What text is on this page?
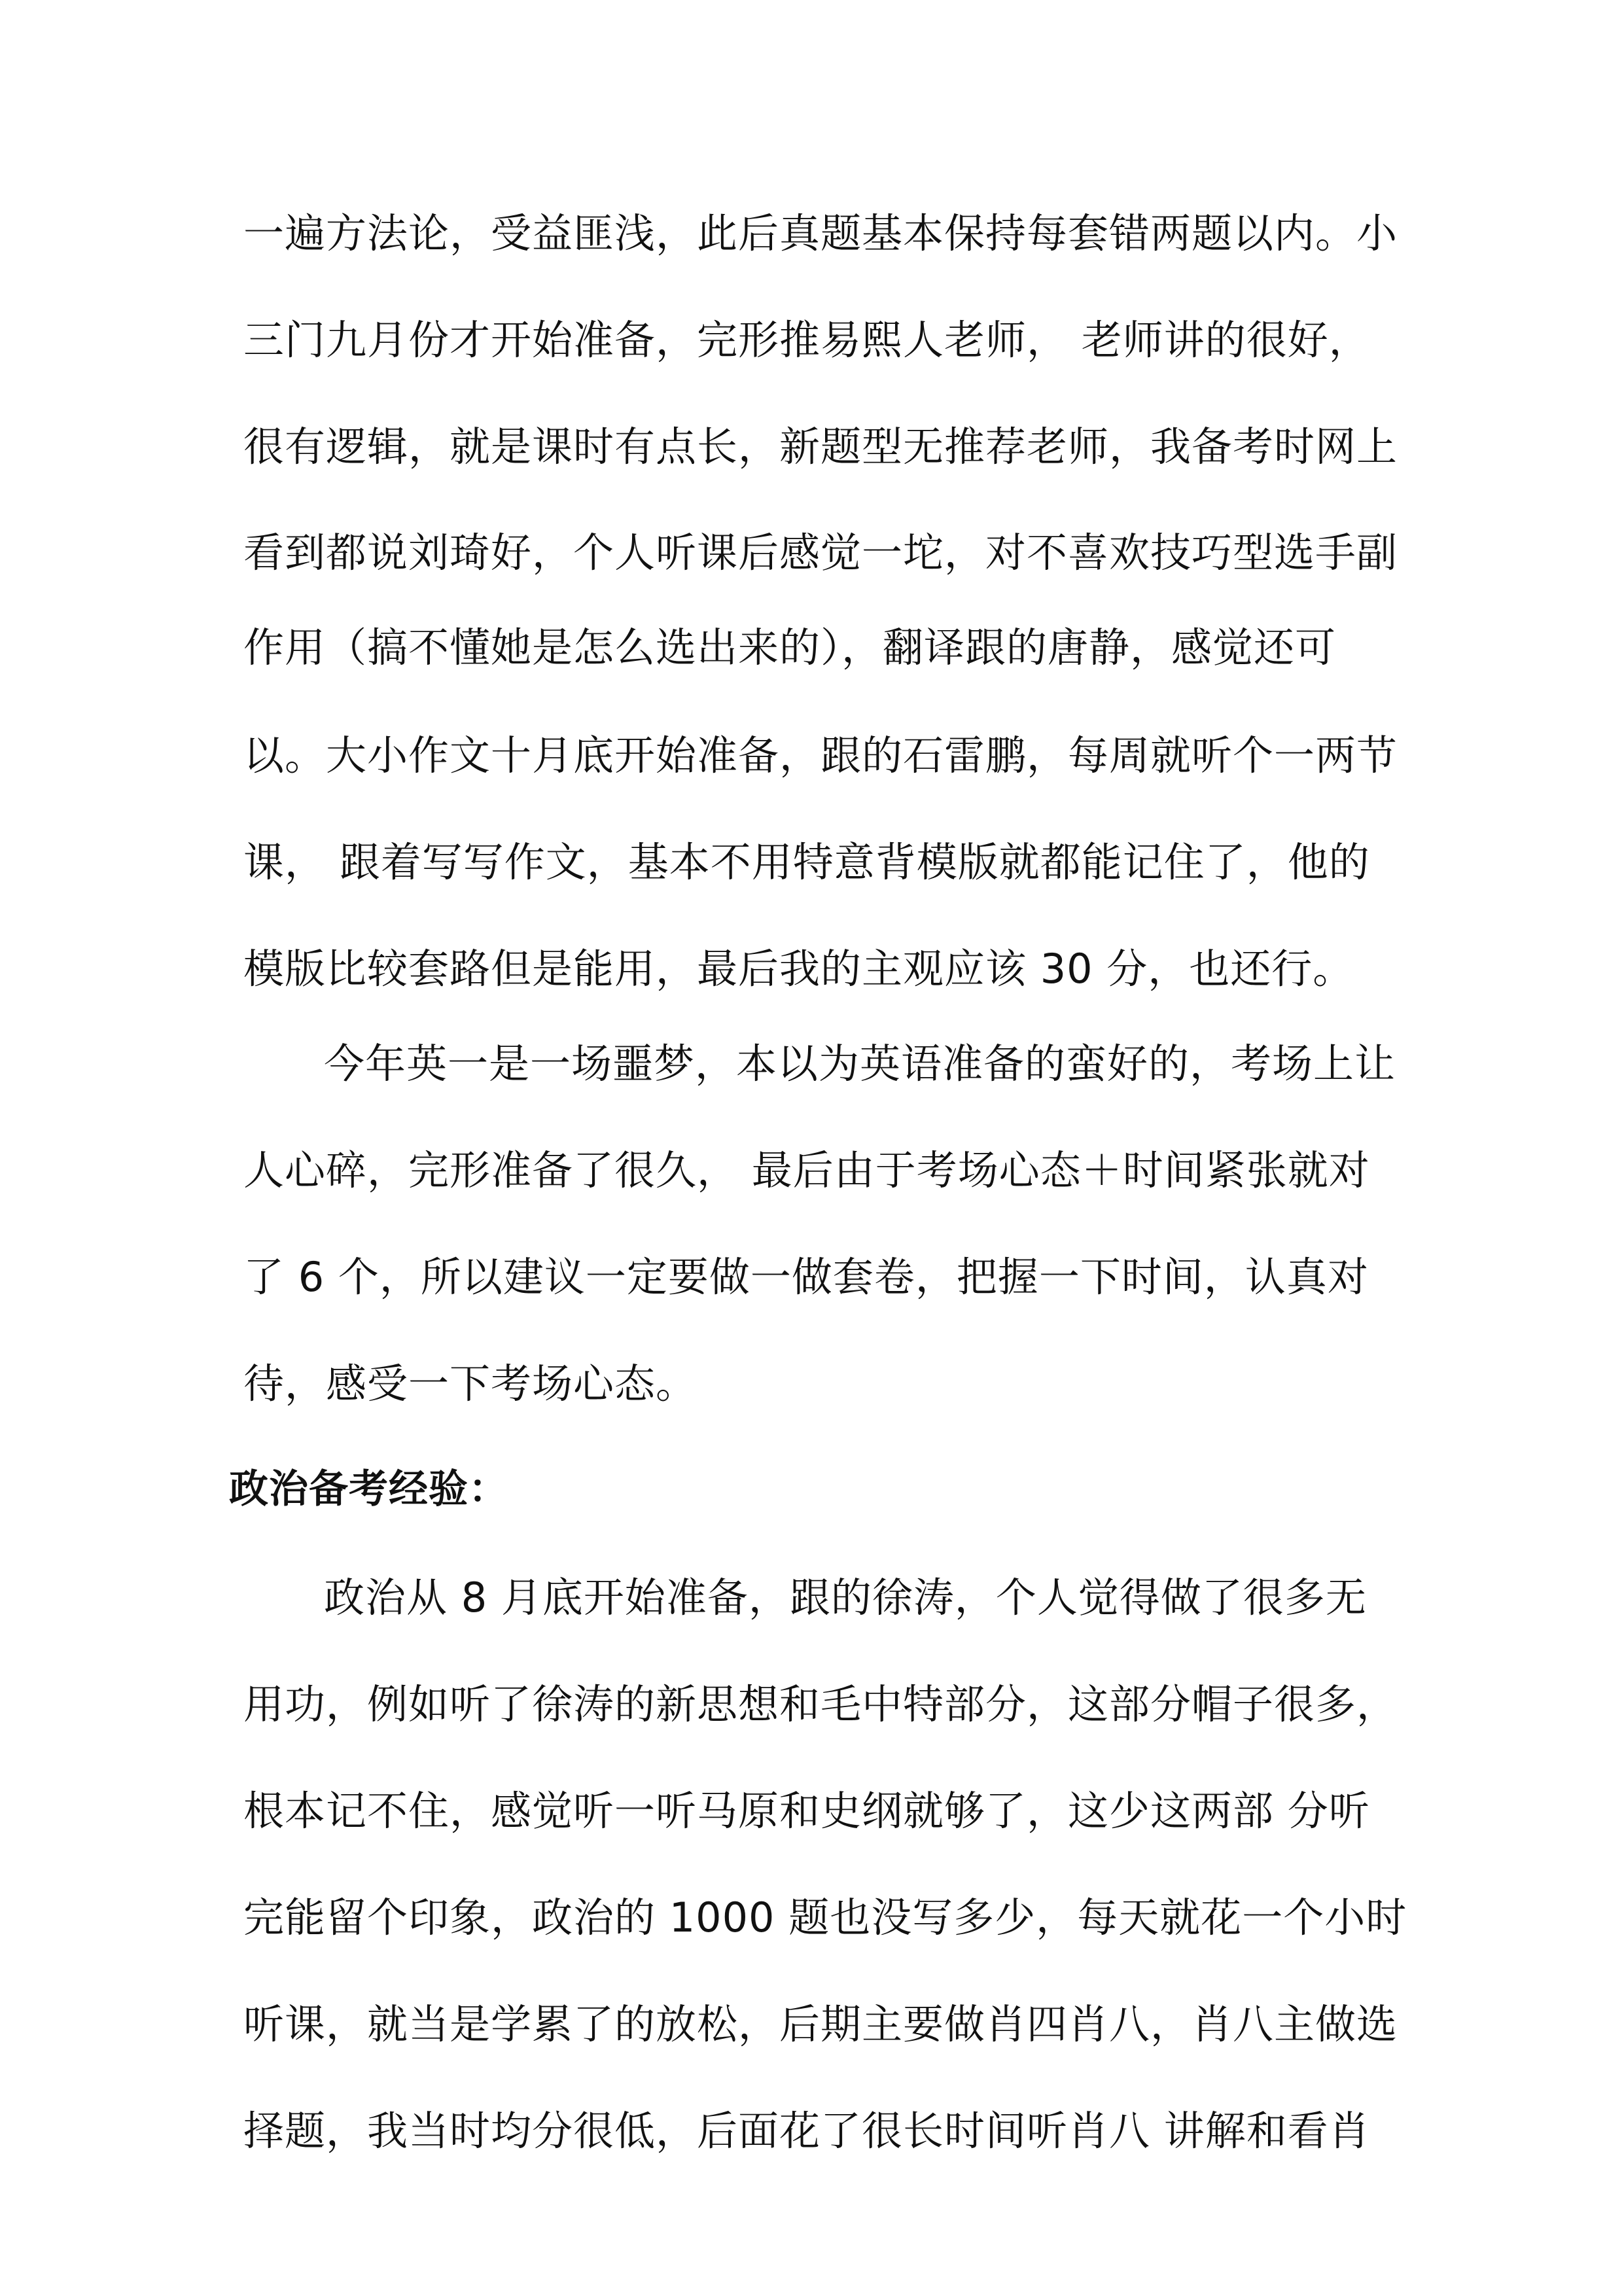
一遍方法论，受益匪浅，此后真题基本保持每套错两题以内。小
三门九月份才开始准备，完形推易熙人老师， 老师讲的很好，
很有逻辑，就是课时有点长，新题型无推荐老师，我备考时网上
看到都说刘琦好，个人听课后感觉一坨，对不喜欢技巧型选手副
作用（搞不懂她是怎么选出来的），翻译跟的唐静，感觉还可
以。大小作文十月底开始准备，跟的石雷鹏，每周就听个一两节
课， 跟着写写作文，基本不用特意背模版就都能记住了，他的
模版比较套路但是能用，最后我的主观应该 30 分，也还行。
今年英一是一场噩梦，本以为英语准备的蛮好的，考场上让
人心碎，完形准备了很久， 最后由于考场心态＋时间紧张就对
了 6 个，所以建议一定要做一做套卷，把握一下时间，认真对
待，感受一下考场心态。
政治备考经验：
政治从 8 月底开始准备，跟的徐涛，个人觉得做了很多无
用功，例如听了徐涛的新思想和毛中特部分，这部分帽子很多，
根本记不住，感觉听一听马原和史纲就够了，这少这两部 分听
完能留个印象，政治的 1000 题也没写多少，每天就花一个小时
听课，就当是学累了的放松，后期主要做肖四肖八，肖八主做选
择题，我当时均分很低，后面花了很长时间听肖八 讲解和看肖
